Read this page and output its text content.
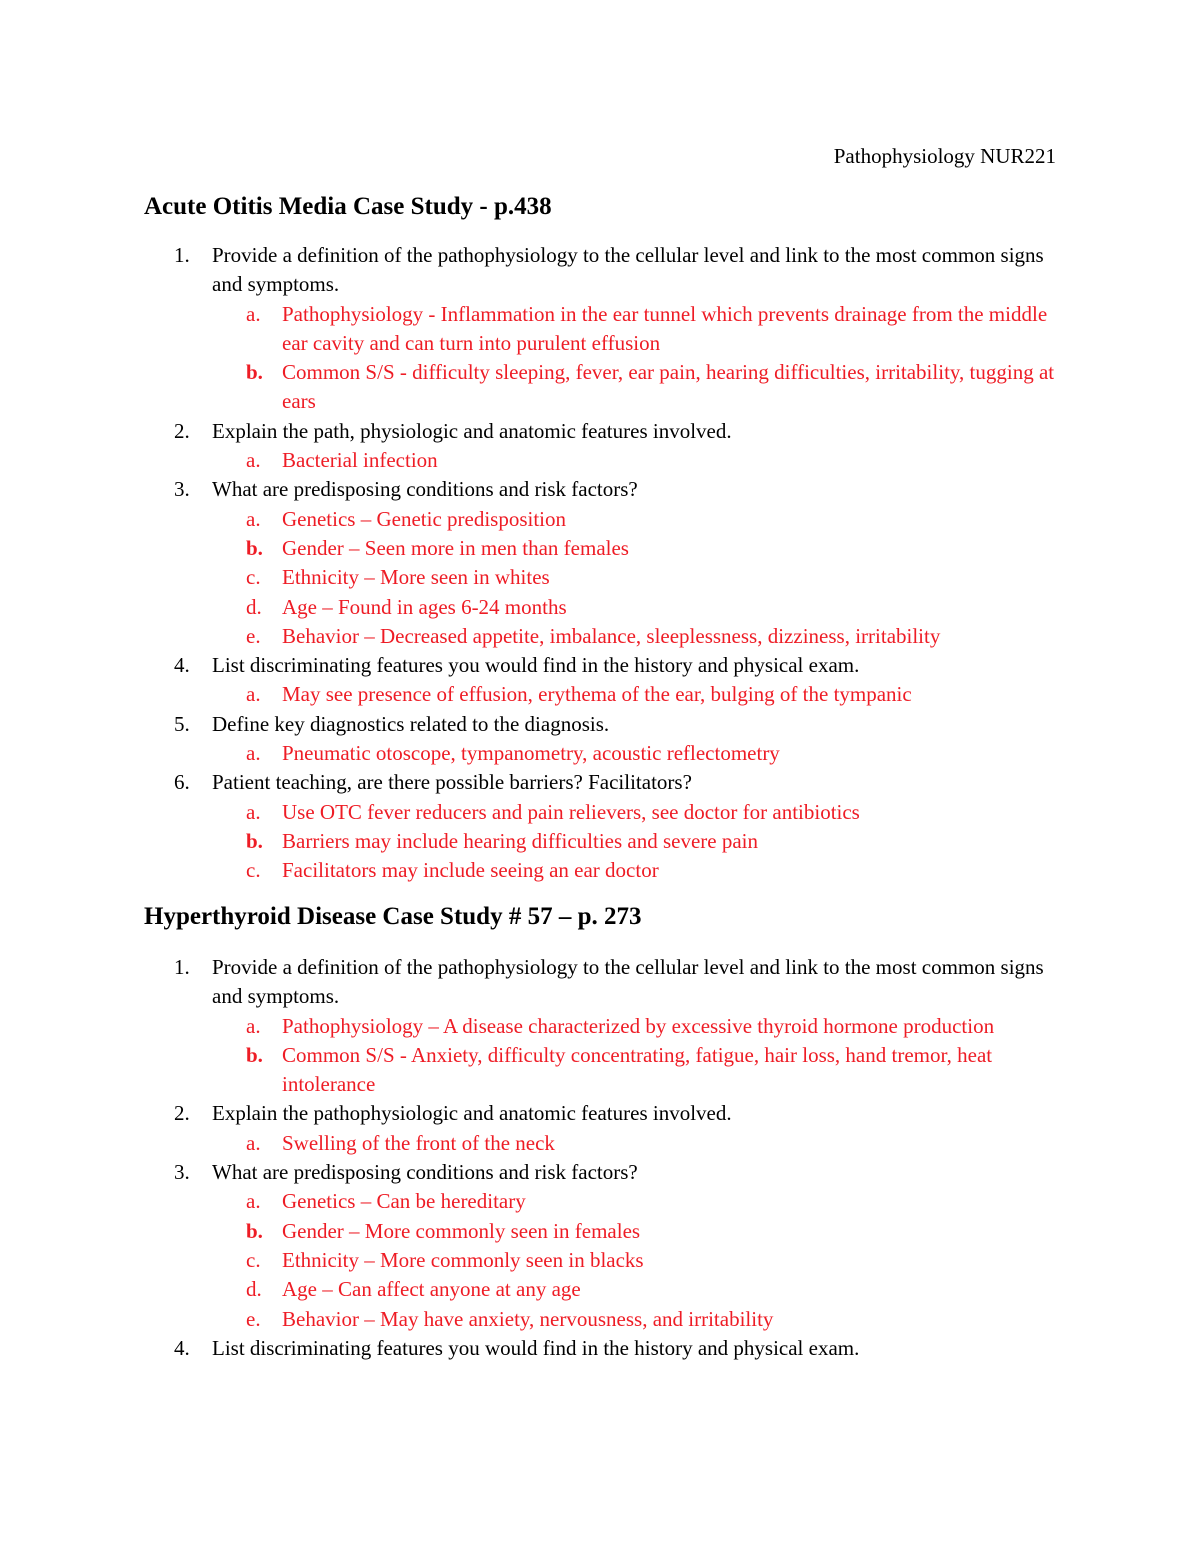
Pathophysiology NUR221
Acute Otitis Media Case Study - p.438
1. Provide a definition of the pathophysiology to the cellular level and link to the most common signs and symptoms.
a. Pathophysiology - Inflammation in the ear tunnel which prevents drainage from the middle ear cavity and can turn into purulent effusion
b. Common S/S - difficulty sleeping, fever, ear pain, hearing difficulties, irritability, tugging at ears
2. Explain the path, physiologic and anatomic features involved.
a. Bacterial infection
3. What are predisposing conditions and risk factors?
a. Genetics – Genetic predisposition
b. Gender – Seen more in men than females
c. Ethnicity – More seen in whites
d. Age – Found in ages 6-24 months
e. Behavior – Decreased appetite, imbalance, sleeplessness, dizziness, irritability
4. List discriminating features you would find in the history and physical exam.
a. May see presence of effusion, erythema of the ear, bulging of the tympanic
5. Define key diagnostics related to the diagnosis.
a. Pneumatic otoscope, tympanometry, acoustic reflectometry
6. Patient teaching, are there possible barriers? Facilitators?
a. Use OTC fever reducers and pain relievers, see doctor for antibiotics
b. Barriers may include hearing difficulties and severe pain
c. Facilitators may include seeing an ear doctor
Hyperthyroid Disease Case Study # 57 – p. 273
1. Provide a definition of the pathophysiology to the cellular level and link to the most common signs and symptoms.
a. Pathophysiology – A disease characterized by excessive thyroid hormone production
b. Common S/S - Anxiety, difficulty concentrating, fatigue, hair loss, hand tremor, heat intolerance
2. Explain the pathophysiologic and anatomic features involved.
a. Swelling of the front of the neck
3. What are predisposing conditions and risk factors?
a. Genetics – Can be hereditary
b. Gender – More commonly seen in females
c. Ethnicity – More commonly seen in blacks
d. Age – Can affect anyone at any age
e. Behavior – May have anxiety, nervousness, and irritability
4. List discriminating features you would find in the history and physical exam.
